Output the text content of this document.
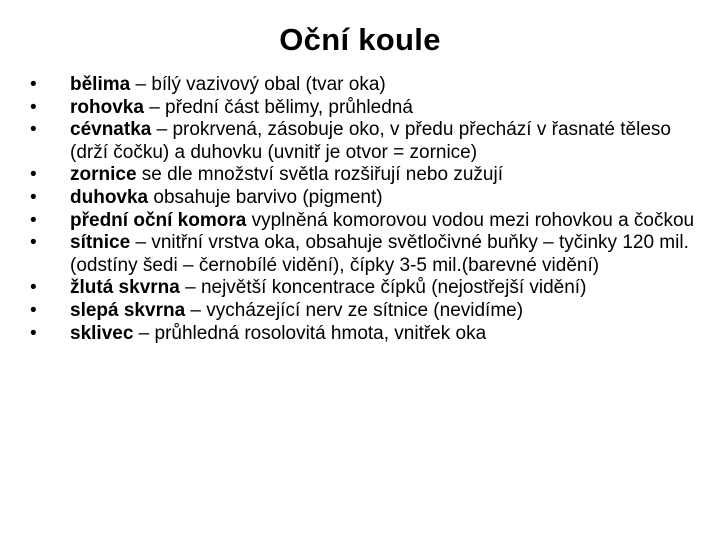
Oční koule
• bělima – bílý vazivový obal (tvar oka)
• rohovka – přední část bělimy, průhledná
• cévnatka – prokrvená, zásobuje oko, v předu přechází v řasnaté těleso (drží čočku) a duhovku (uvnitř je otvor = zornice)
• zornice se dle množství světla rozšiřují nebo zužují
• duhovka obsahuje barvivo (pigment)
• přední oční komora vyplněná komorovou vodou mezi rohovkou a čočkou
• sítnice – vnitřní vrstva oka, obsahuje světločivné buňky – tyčinky 120 mil.(odstíny šedi – černobílé vidění), čípky 3-5 mil.(barevné vidění)
• žlutá skvrna – největší koncentrace čípků (nejostřejší vidění)
• slepá skvrna – vycházející nerv ze sítnice (nevidíme)
• sklivec – průhledná rosolovitá hmota, vnitřek oka
